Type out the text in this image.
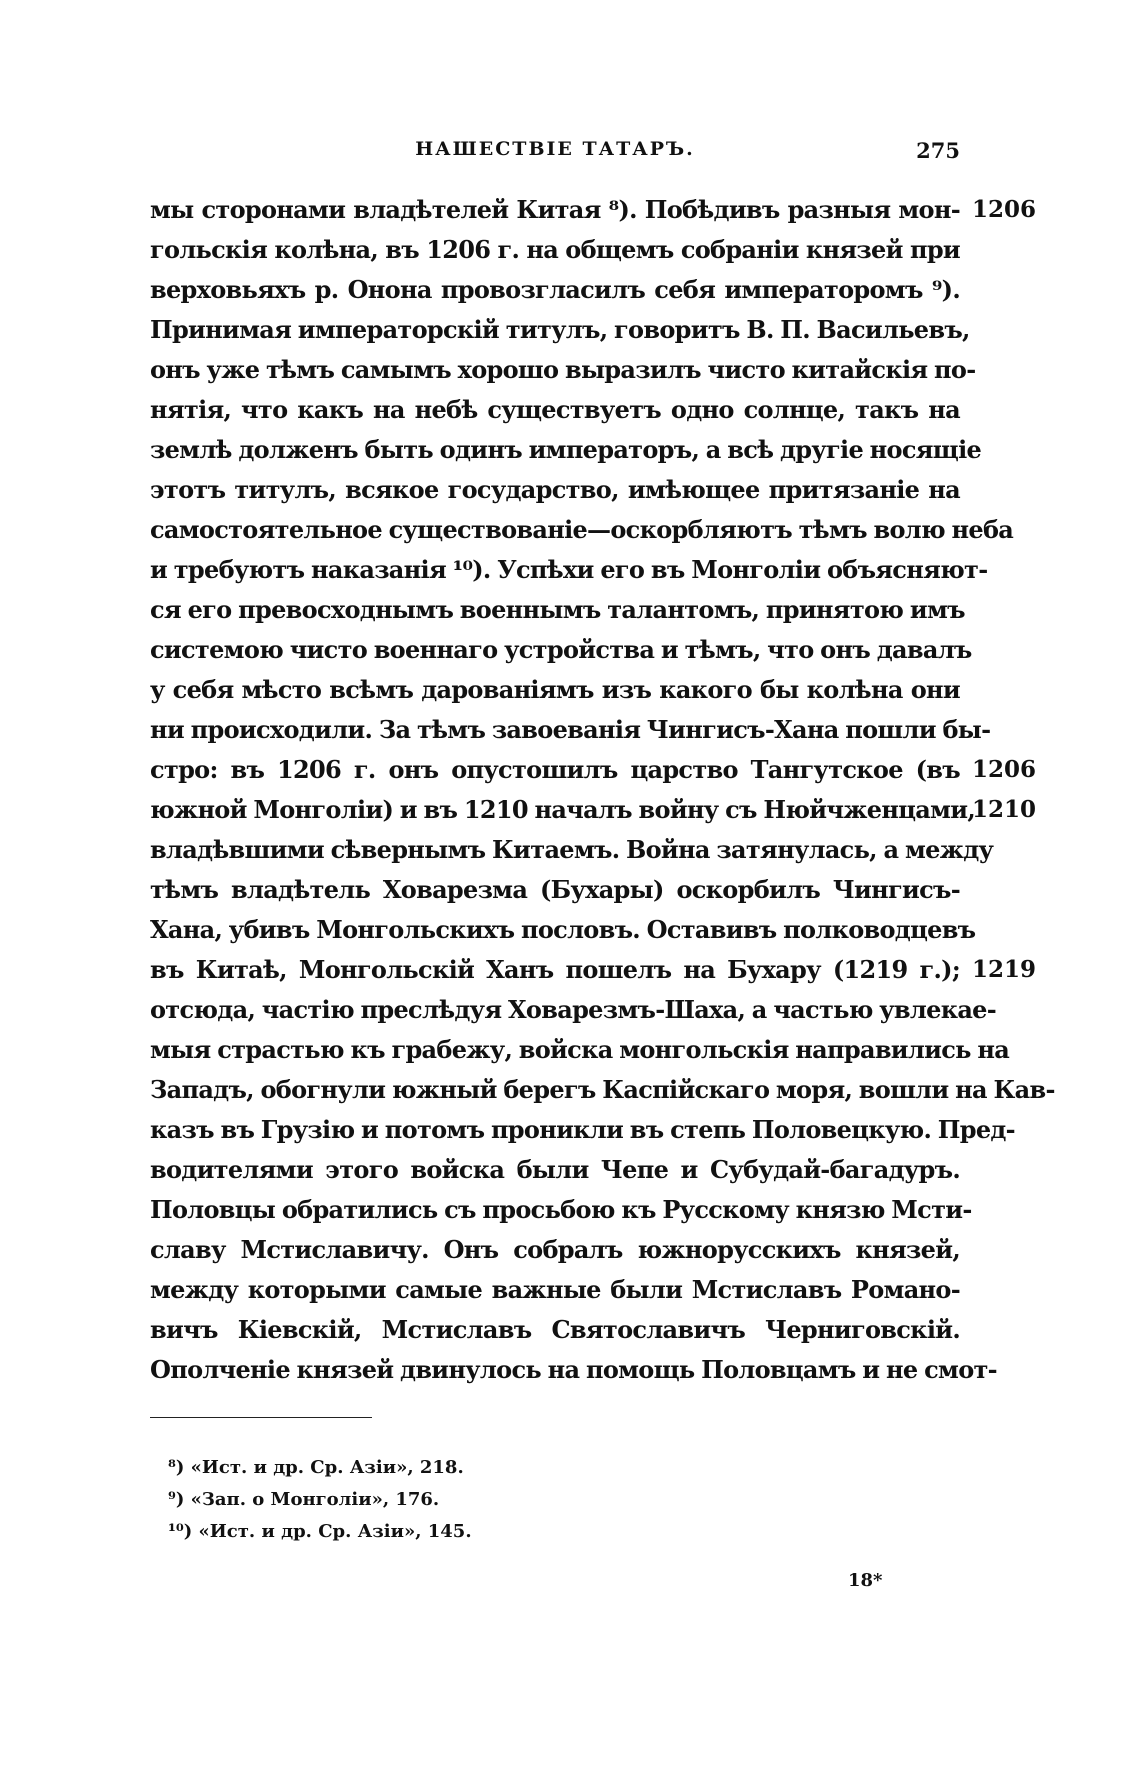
НАШЕСТВІЕ ТАТАРЪ.	275
мы сторонами владѣтелей Китая ⁸). Побѣдивъ разныя мон-
гольскія колѣна, въ 1206 г. на общемъ собраніи князей при
верховьяхъ р. Онона провозгласилъ себя императоромъ ⁹).
Принимая императорскій титулъ, говоритъ В. П. Васильевъ,
онъ уже тѣмъ самымъ хорошо выразилъ чисто китайскія по-
нятія, что какъ на небѣ существуетъ одно солнце, такъ на
землѣ долженъ быть одинъ императоръ, а всѣ другіе носящіе
этотъ титулъ, всякое государство, имѣющее притязаніе на
самостоятельное существованіе—оскорбляютъ тѣмъ волю неба
и требуютъ наказанія ¹⁰). Успѣхи его въ Монголіи объясняют-
ся его превосходнымъ военнымъ талантомъ, принятою имъ
системою чисто военнаго устройства и тѣмъ, что онъ давалъ
у себя мѣсто всѣмъ дарованіямъ изъ какого бы колѣна они
ни происходили. За тѣмъ завоеванія Чингисъ-Хана пошли бы-
стро: въ 1206 г. онъ опустошилъ царство Тангутское (въ
южной Монголіи) и въ 1210 началъ войну съ Нюйчженцами,
владѣвшими сѣвернымъ Китаемъ. Война затянулась, а между
тѣмъ владѣтель Ховарезма (Бухары) оскорбилъ Чингисъ-
Хана, убивъ Монгольскихъ пословъ. Оставивъ полководцевъ
въ Китаѣ, Монгольскій Ханъ пошелъ на Бухару (1219 г.);
отсюда, частію преслѣдуя Ховарезмъ-Шаха, а частью увлекае-
мыя страстью къ грабежу, войска монгольскія направились на
Западъ, обогнули южный берегъ Каспійскаго моря, вошли на Кав-
казъ въ Грузію и потомъ проникли въ степь Половецкую. Пред-
водителями этого войска были Чепе и Субудай-багадуръ.
Половцы обратились съ просьбою къ Русскому князю Мсти-
славу Мстиславичу. Онъ собралъ южнорусскихъ князей,
между которыми самые важные были Мстиславъ Романо-
вичъ Кіевскій, Мстиславъ Святославичъ Черниговскій.
Ополченіе князей двинулось на помощь Половцамъ и не смот-
1206
1206
1210
1219
⁸) «Ист. и др. Ср. Азіи», 218.
⁹) «Зап. о Монголіи», 176.
¹⁰) «Ист. и др. Ср. Азіи», 145.
18*
